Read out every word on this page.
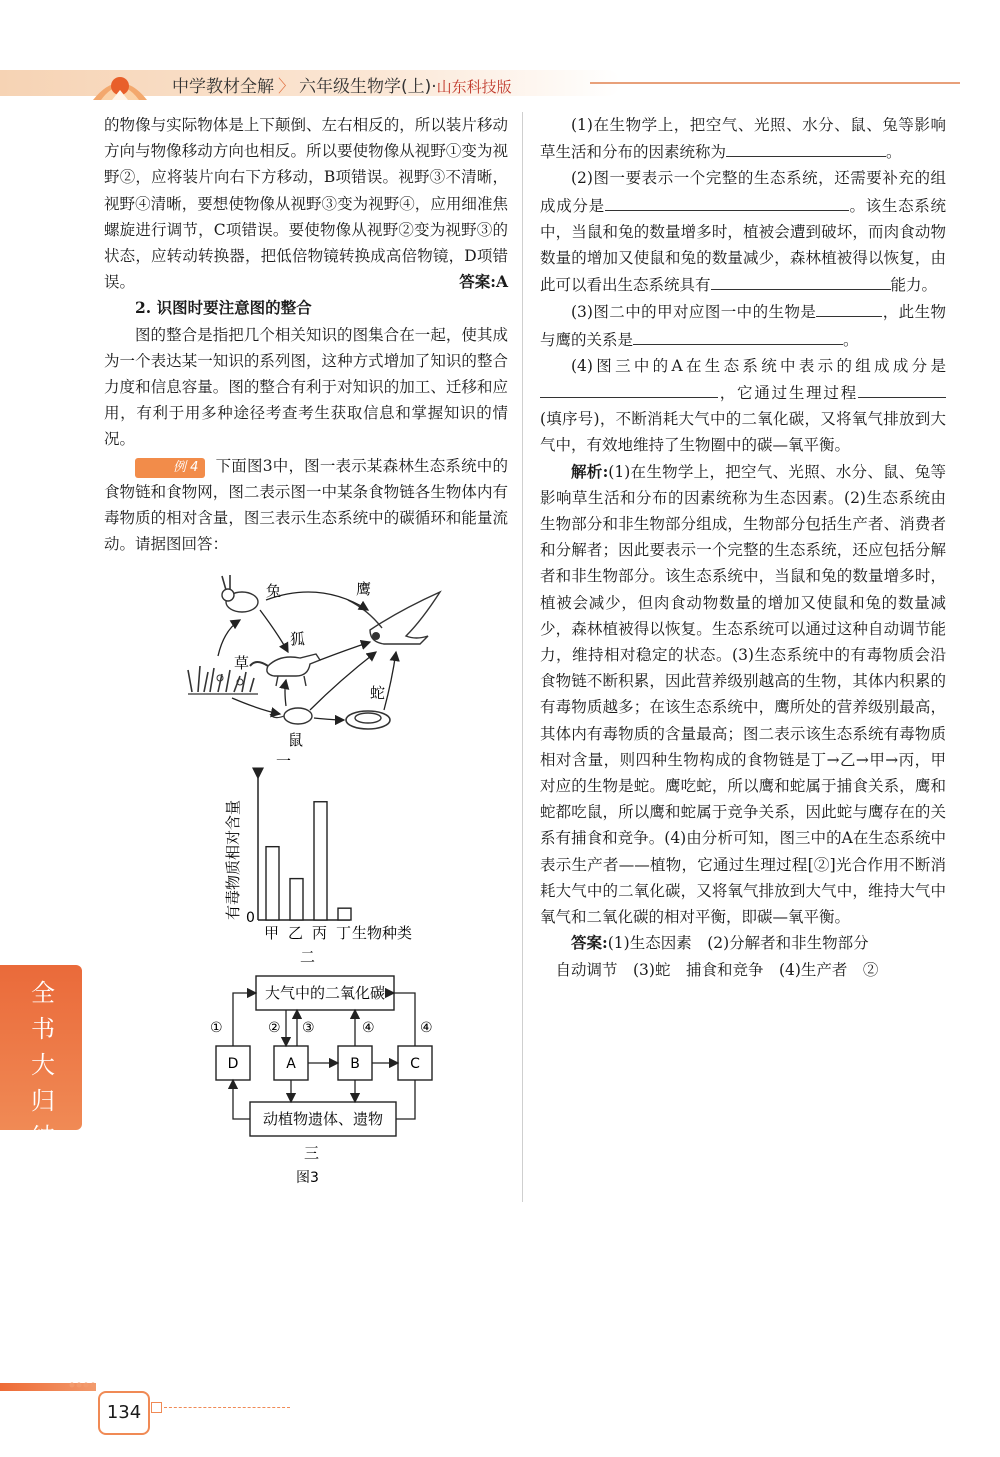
中学教材全解 〉 六年级生物学(上)·山东科技版

的物像与实际物体是上下颠倒、左右相反的，所以装片移动方向与物像移动方向也相反。所以要使物像从视野①变为视野②，应将装片向右下方移动，B项错误。视野③不清晰，视野④清晰，要想使物像从视野③变为视野④，应用细准焦螺旋进行调节，C项错误。要使物像从视野②变为视野③的状态，应转动转换器，把低倍物镜转换成高倍物镜，D项错误。	答案:A

2. 识图时要注意图的整合

图的整合是指把几个相关知识的图集合在一起，使其成为一个表达某一知识的系列图，这种方式增加了知识的整合力度和信息容量。图的整合有利于对知识的加工、迁移和应用，有利于用多种途径考查考生获取信息和掌握知识的情况。

例 4 下面图3中，图一表示某森林生态系统中的食物链和食物网，图二表示图一中某条食物链各生物体内有毒物质的相对含量，图三表示生态系统中的碳循环和能量流动。请据图回答：

兔	鹰
狐
草
蛇
鼠
一
有毒物质相对含量 0
甲 乙 丙 丁 生物种类
二
大气中的二氧化碳
D	A	B	C
动植物遗体、遗物
①	② ③	④	④
三
图3

(1)在生物学上，把空气、光照、水分、鼠、兔等影响草生活和分布的因素统称为	。

(2)图一要表示一个完整的生态系统，还需要补充的组成成分是	。该生态系统中，当鼠和兔的数量增多时，植被会遭到破坏，而肉食动物数量的增加又使鼠和兔的数量减少，森林植被得以恢复，由此可以看出生态系统具有	能力。

(3)图二中的甲对应图一中的生物是	，此生物与鹰的关系是	。

(4)图三中的A在生态系统中表示的组成成分是，它通过生理过程(填序号)，不断消耗大气中的二氧化碳，又将氧气排放到大气中，有效地维持了生物圈中的碳—氧平衡。

解析:(1)在生物学上，把空气、光照、水分、鼠、兔等影响草生活和分布的因素统称为生态因素。(2)生态系统由生物部分和非生物部分组成，生物部分包括生产者、消费者和分解者；因此要表示一个完整的生态系统，还应包括分解者和非生物部分。该生态系统中，当鼠和兔的数量增多时，植被会减少，但肉食动物数量的增加又使鼠和兔的数量减少，森林植被得以恢复。生态系统可以通过这种自动调节能力，维持相对稳定的状态。(3)生态系统中的有毒物质会沿食物链不断积累，因此营养级别越高的生物，其体内积累的有毒物质越多；在该生态系统中，鹰所处的营养级别最高，其体内有毒物质的含量最高；图二表示该生态系统有毒物质相对含量，则四种生物构成的食物链是丁→乙→甲→丙，甲对应的生物是蛇。鹰吃蛇，所以鹰和蛇属于捕食关系，鹰和蛇都吃鼠，所以鹰和蛇属于竞争关系，因此蛇与鹰存在的关系有捕食和竞争。(4)由分析可知，图三中的A在生态系统中表示生产者——植物，它通过生理过程[②]光合作用不断消耗大气中的二氧化碳，又将氧气排放到大气中，维持大气中氧气和二氧化碳的相对平衡，即碳—氧平衡。

答案:(1)生态因素　(2)分解者和非生物部分

自动调节　(3)蛇　捕食和竞争　(4)生产者　②

全书大归纳
134
